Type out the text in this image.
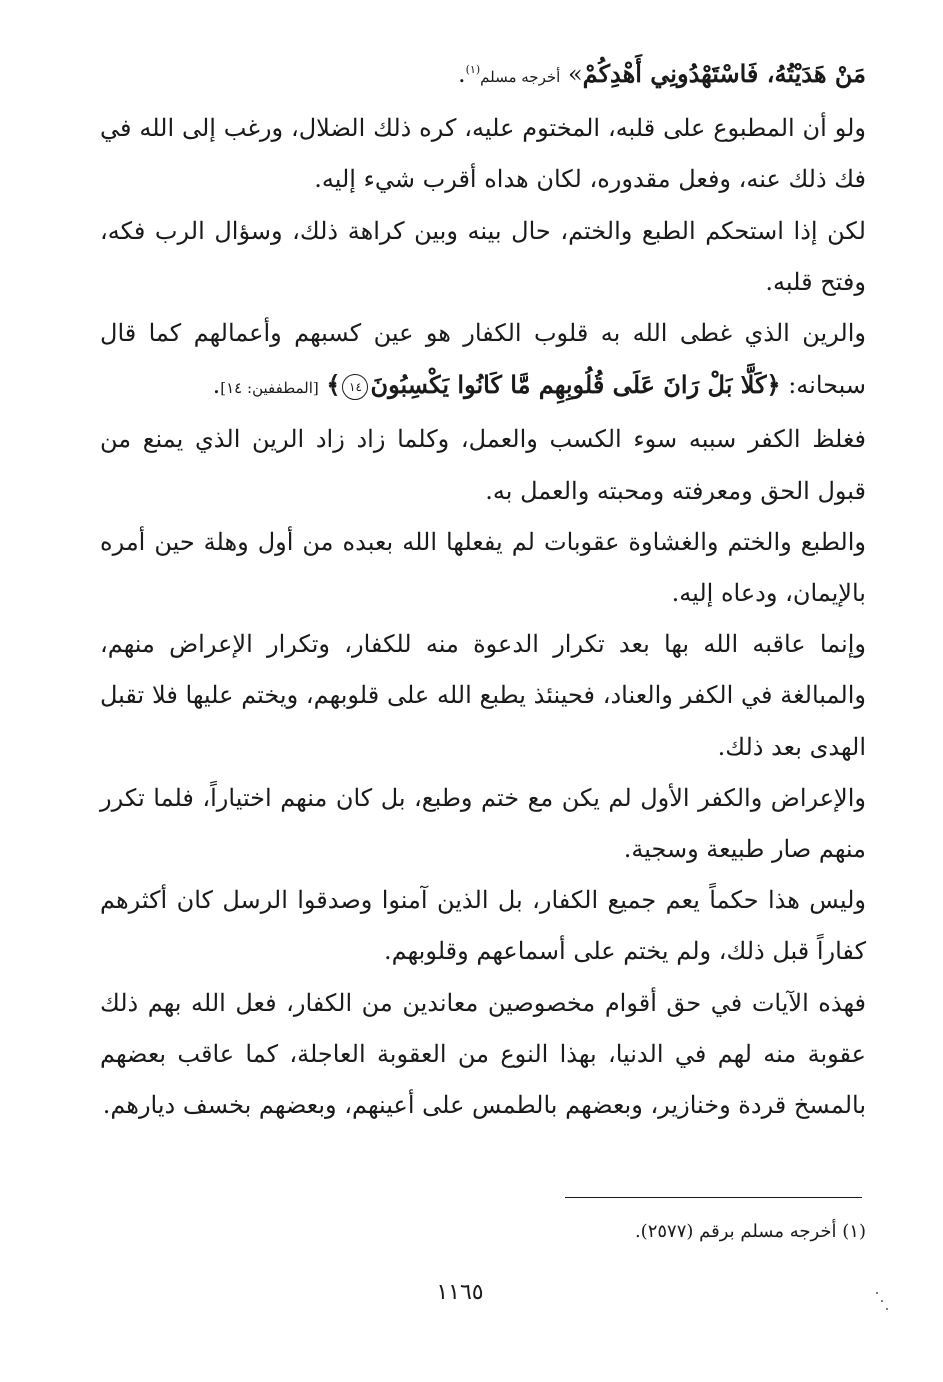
مَنْ هَدَيْتُهُ، فَاسْتَهْدُونِي أَهْدِكُمْ» أخرجه مسلم$^{(١)}$.

ولو أن المطبوع على قلبه، المختوم عليه، كره ذلك الضلال، ورغب إلى الله في فك ذلك عنه، وفعل مقدوره، لكان هداه أقرب شيء إليه.

لكن إذا استحكم الطبع والختم، حال بينه وبين كراهة ذلك، وسؤال الرب فكه، وفتح قلبه.

والرين الذي غطى الله به قلوب الكفار هو عين كسبهم وأعمالهم كما قال سبحانه: ﴿كَلَّا بَلْ رَانَ عَلَى قُلُوبِهِم مَّا كَانُوا يَكْسِبُونَ١٤﴾ [المطففين: ١٤].

فغلظ الكفر سببه سوء الكسب والعمل، وكلما زاد زاد الرين الذي يمنع من قبول الحق ومعرفته ومحبته والعمل به.

والطبع والختم والغشاوة عقوبات لم يفعلها الله بعبده من أول وهلة حين أمره بالإيمان، ودعاه إليه.

وإنما عاقبه الله بها بعد تكرار الدعوة منه للكفار، وتكرار الإعراض منهم، والمبالغة في الكفر والعناد، فحينئذ يطبع الله على قلوبهم، ويختم عليها فلا تقبل الهدى بعد ذلك.

والإعراض والكفر الأول لم يكن مع ختم وطبع، بل كان منهم اختياراً، فلما تكرر منهم صار طبيعة وسجية.

وليس هذا حكماً يعم جميع الكفار، بل الذين آمنوا وصدقوا الرسل كان أكثرهم كفاراً قبل ذلك، ولم يختم على أسماعهم وقلوبهم.

فهذه الآيات في حق أقوام مخصوصين معاندين من الكفار، فعل الله بهم ذلك عقوبة منه لهم في الدنيا، بهذا النوع من العقوبة العاجلة، كما عاقب بعضهم بالمسخ قردة وخنازير، وبعضهم بالطمس على أعينهم، وبعضهم بخسف ديارهم.

(١) أخرجه مسلم برقم (٢٥٧٧).
١١٦٥
